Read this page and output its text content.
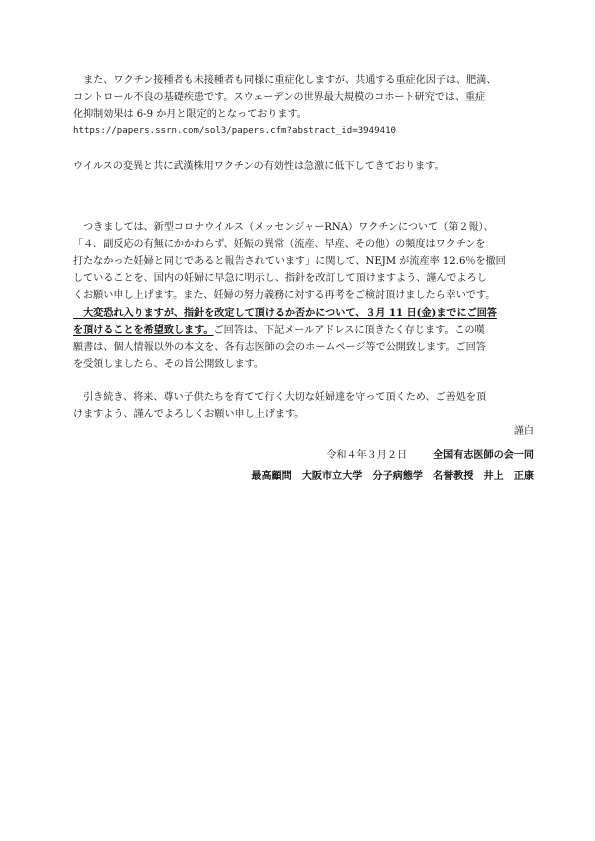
　また、ワクチン接種者も未接種者も同様に重症化しますが、共通する重症化因子は、肥満、
コントロール不良の基礎疾患です。スウェーデンの世界最大規模のコホート研究では、重症
化抑制効果は 6-9 か月と限定的となっております。
https://papers.ssrn.com/sol3/papers.cfm?abstract_id=3949410
ウイルスの変異と共に武漢株用ワクチンの有効性は急激に低下してきております。
　つきましては、新型コロナウイルス（メッセンジャーRNA）ワクチンについて（第２報）、
「４．副反応の有無にかかわらず、妊娠の異常（流産、早産、その他）の頻度はワクチンを
打たなかった妊婦と同じであると報告されています」に関して、NEJM が流産率 12.6％を撤回
していることを、国内の妊婦に早急に明示し、指針を改訂して頂けますよう、謹んでよろし
くお願い申し上げます。また、妊婦の努力義務に対する再考をご検討頂けましたら幸いです。
　大変恐れ入りますが、指針を改定して頂けるか否かについて、３月 11 日(金)までにご回答
を頂けることを希望致します。ご回答は、下記メールアドレスに頂きたく存じます。この嘆
願書は、個人情報以外の本文を、各有志医師の会のホームページ等で公開致します。ご回答
を受領しましたら、その旨公開致します。
　引き続き、将来、尊い子供たちを育てて行く大切な妊婦達を守って頂くため、ご善処を頂
けますよう、謹んでよろしくお願い申し上げます。
謹白
令和４年３月２日	全国有志医師の会一同
最高顧問　大阪市立大学　分子病態学　名誉教授　井上　正康
